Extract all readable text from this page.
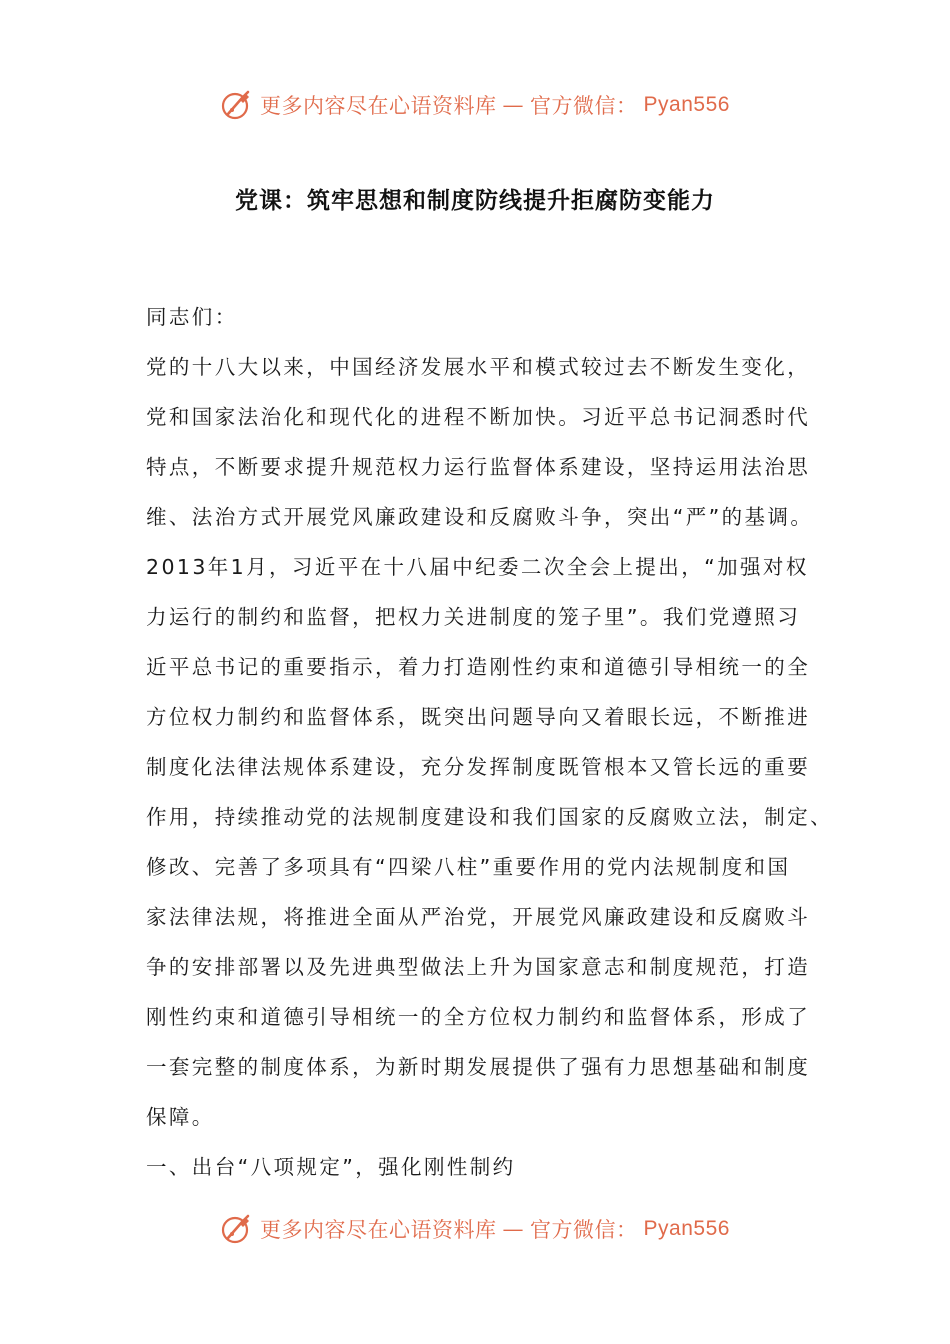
更多内容尽在心语资料库 — 官方微信： Pyan556
党课：筑牢思想和制度防线提升拒腐防变能力

同志们：

党的十八大以来，中国经济发展水平和模式较过去不断发生变化，
党和国家法治化和现代化的进程不断加快。习近平总书记洞悉时代
特点，不断要求提升规范权力运行监督体系建设，坚持运用法治思
维、法治方式开展党风廉政建设和反腐败斗争，突出“严”的基调。
2013年1月，习近平在十八届中纪委二次全会上提出，“加强对权
力运行的制约和监督，把权力关进制度的笼子里”。我们党遵照习
近平总书记的重要指示，着力打造刚性约束和道德引导相统一的全
方位权力制约和监督体系，既突出问题导向又着眼长远，不断推进
制度化法律法规体系建设，充分发挥制度既管根本又管长远的重要
作用，持续推动党的法规制度建设和我们国家的反腐败立法，制定、
修改、完善了多项具有“四梁八柱”重要作用的党内法规制度和国
家法律法规，将推进全面从严治党，开展党风廉政建设和反腐败斗
争的安排部署以及先进典型做法上升为国家意志和制度规范，打造
刚性约束和道德引导相统一的全方位权力制约和监督体系，形成了
一套完整的制度体系，为新时期发展提供了强有力思想基础和制度
保障。

一、出台“八项规定”，强化刚性制约

更多内容尽在心语资料库 — 官方微信： Pyan556
